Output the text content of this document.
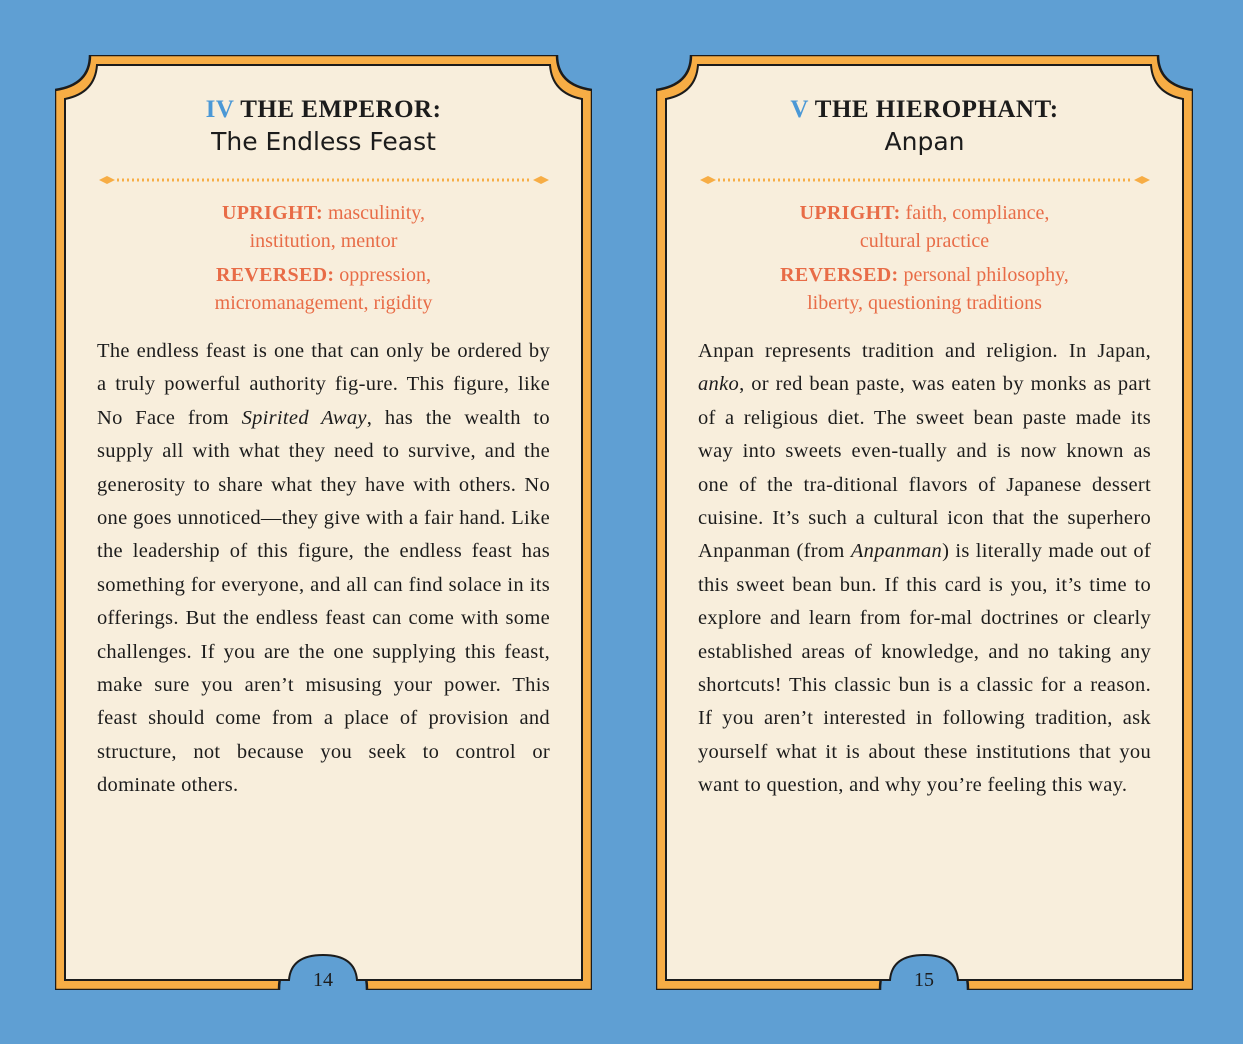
IV THE EMPEROR:
The Endless Feast
UPRIGHT: masculinity,
institution, mentor
REVERSED: oppression,
micromanagement, rigidity
The endless feast is one that can only be ordered by a truly powerful authority fig-ure. This figure, like No Face from Spirited Away, has the wealth to supply all with what they need to survive, and the generosity to share what they have with others. No one goes unnoticed—they give with a fair hand. Like the leadership of this figure, the endless feast has something for everyone, and all can find solace in its offerings. But the endless feast can come with some challenges. If you are the one supplying this feast, make sure you aren’t misusing your power. This feast should come from a place of provision and structure, not because you seek to control or dominate others.
14
V THE HIEROPHANT:
Anpan
UPRIGHT: faith, compliance,
cultural practice
REVERSED: personal philosophy,
liberty, questioning traditions
Anpan represents tradition and religion. In Japan, anko, or red bean paste, was eaten by monks as part of a religious diet. The sweet bean paste made its way into sweets even-tually and is now known as one of the tra-ditional flavors of Japanese dessert cuisine. It’s such a cultural icon that the superhero Anpanman (from Anpanman) is literally made out of this sweet bean bun. If this card is you, it’s time to explore and learn from for-mal doctrines or clearly established areas of knowledge, and no taking any shortcuts! This classic bun is a classic for a reason. If you aren’t interested in following tradition, ask yourself what it is about these institutions that you want to question, and why you’re feeling this way.
15
